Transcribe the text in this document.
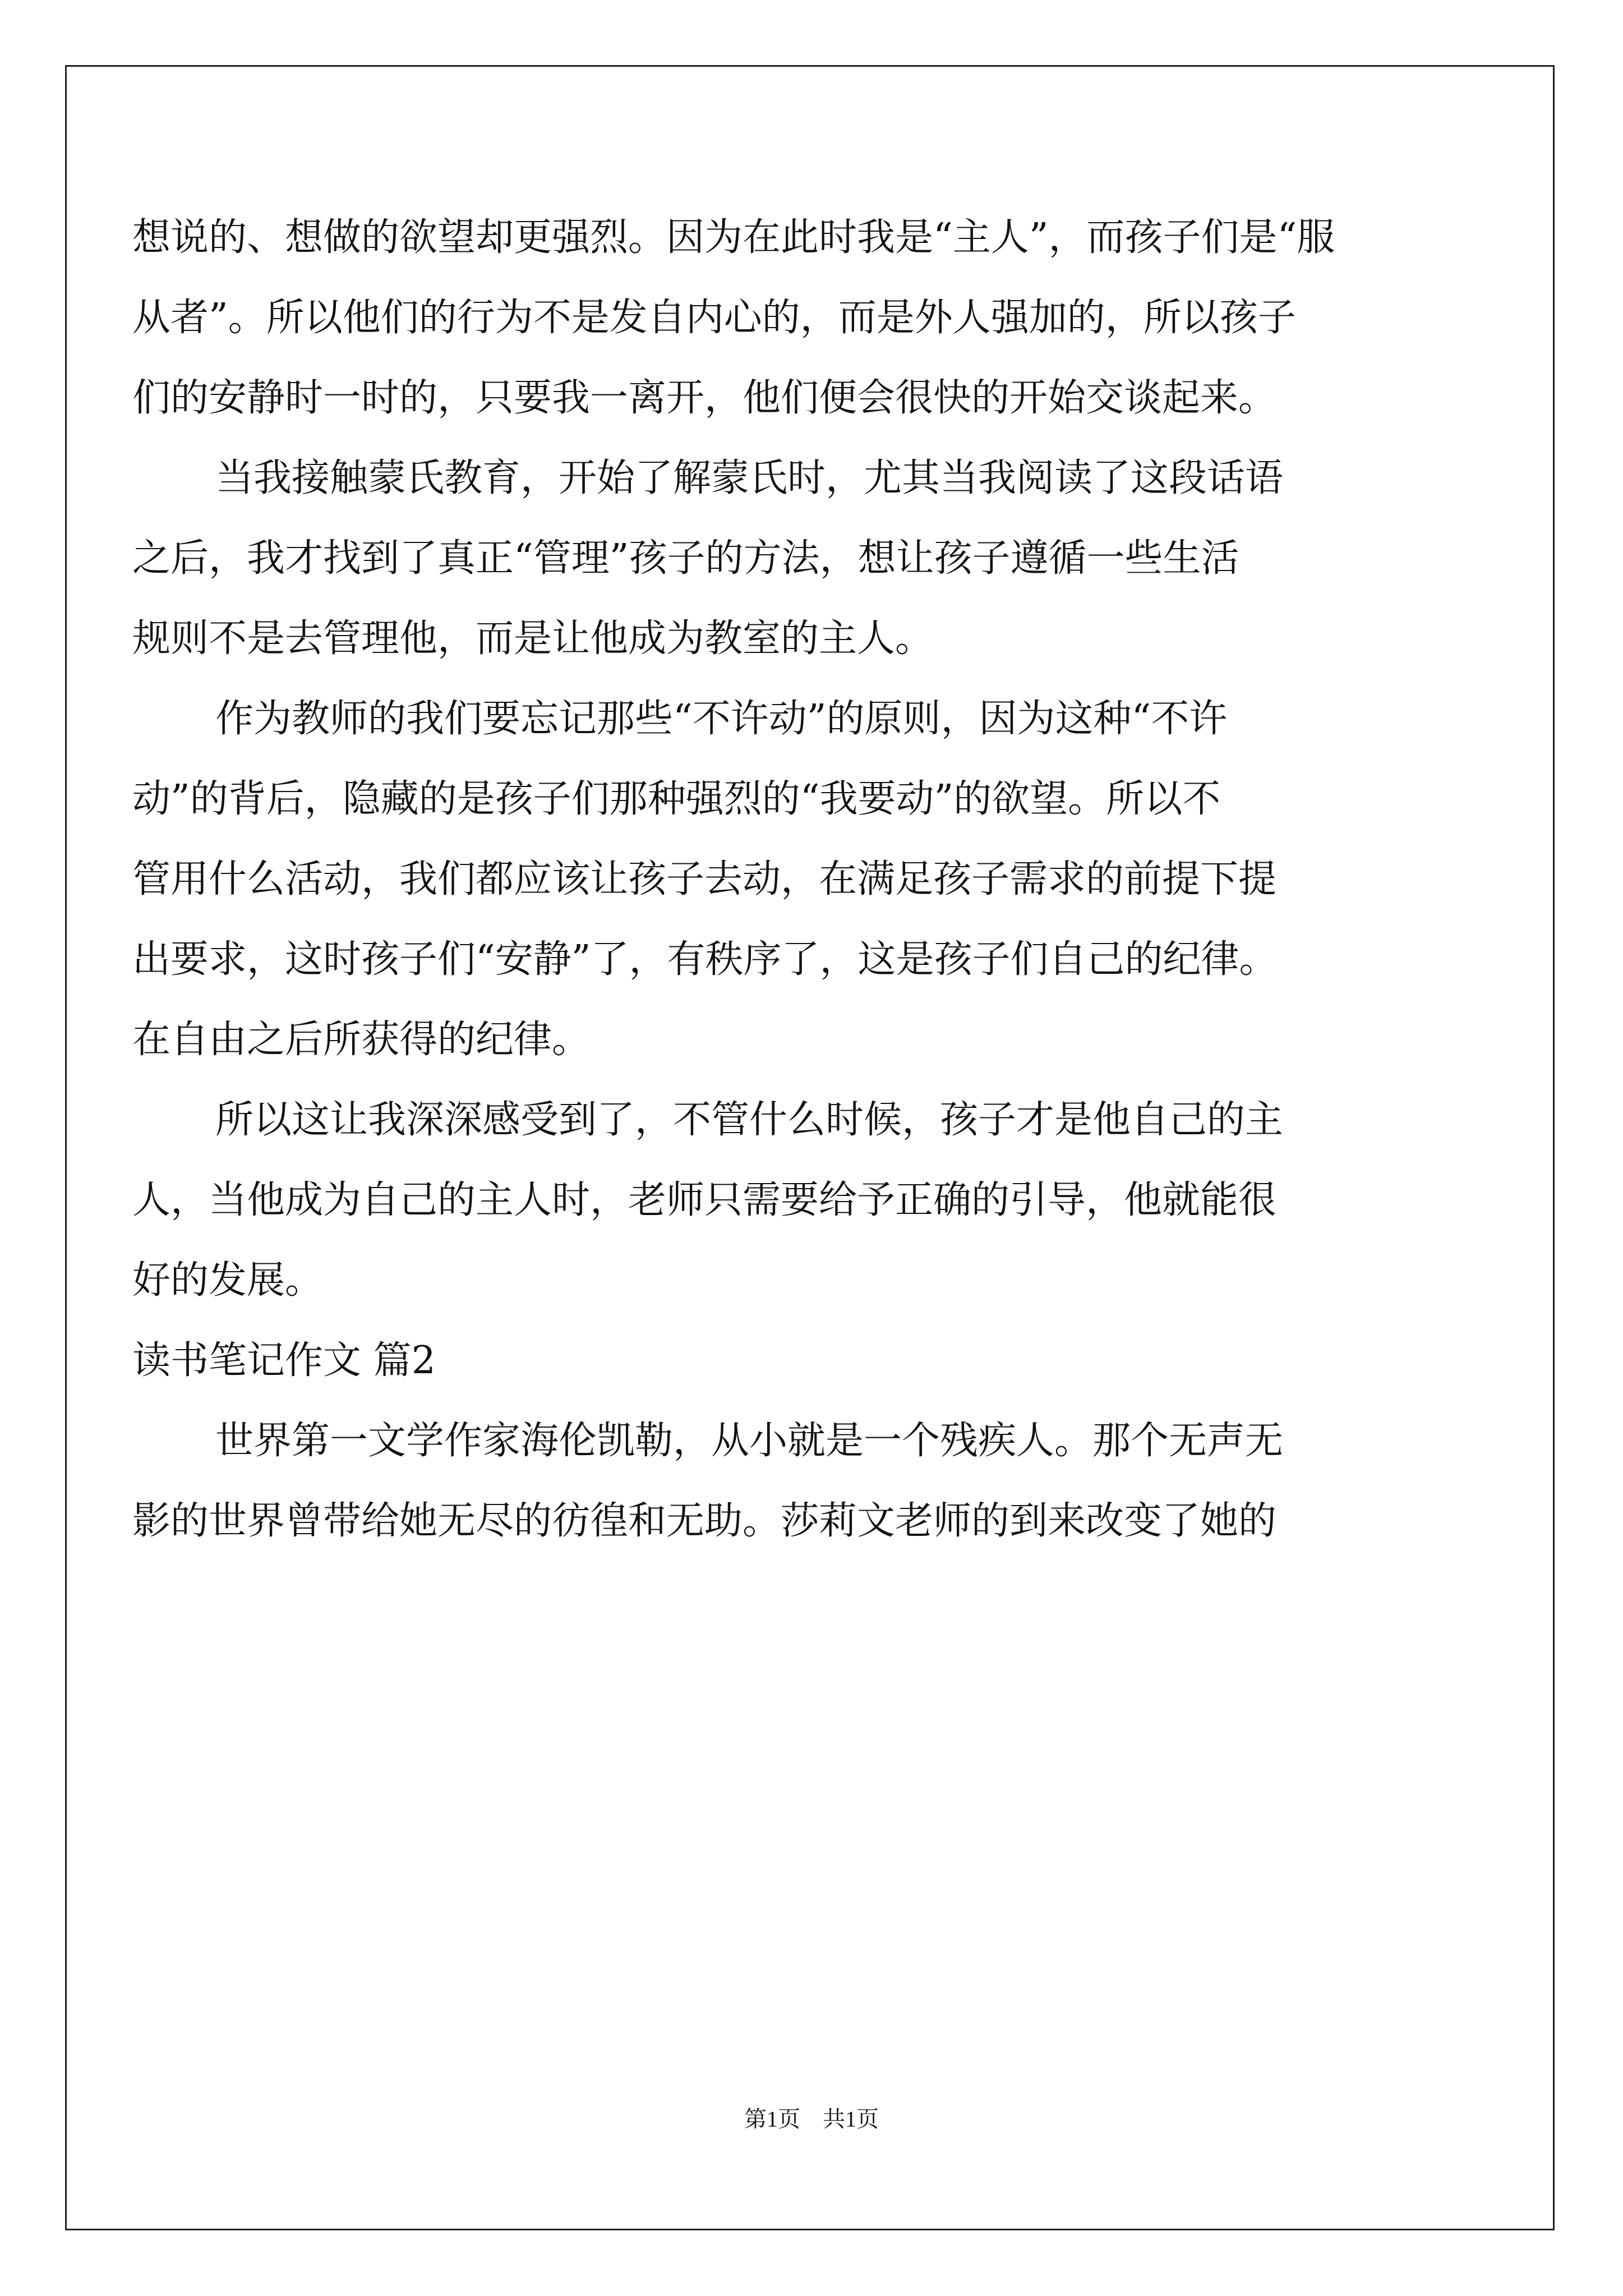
想说的、想做的欲望却更强烈。因为在此时我是“主人”，而孩子们是“服
从者”。所以他们的行为不是发自内心的，而是外人强加的，所以孩子
们的安静时一时的，只要我一离开，他们便会很快的开始交谈起来。
当我接触蒙氏教育，开始了解蒙氏时，尤其当我阅读了这段话语
之后，我才找到了真正“管理”孩子的方法，想让孩子遵循一些生活
规则不是去管理他，而是让他成为教室的主人。
作为教师的我们要忘记那些“不许动”的原则，因为这种“不许
动”的背后，隐藏的是孩子们那种强烈的“我要动”的欲望。所以不
管用什么活动，我们都应该让孩子去动，在满足孩子需求的前提下提
出要求，这时孩子们“安静”了，有秩序了，这是孩子们自己的纪律。
在自由之后所获得的纪律。
所以这让我深深感受到了，不管什么时候，孩子才是他自己的主
人，当他成为自己的主人时，老师只需要给予正确的引导，他就能很
好的发展。
读书笔记作文 篇2
世界第一文学作家海伦凯勒，从小就是一个残疾人。那个无声无
影的世界曾带给她无尽的彷徨和无助。莎莉文老师的到来改变了她的
第1页　共1页
